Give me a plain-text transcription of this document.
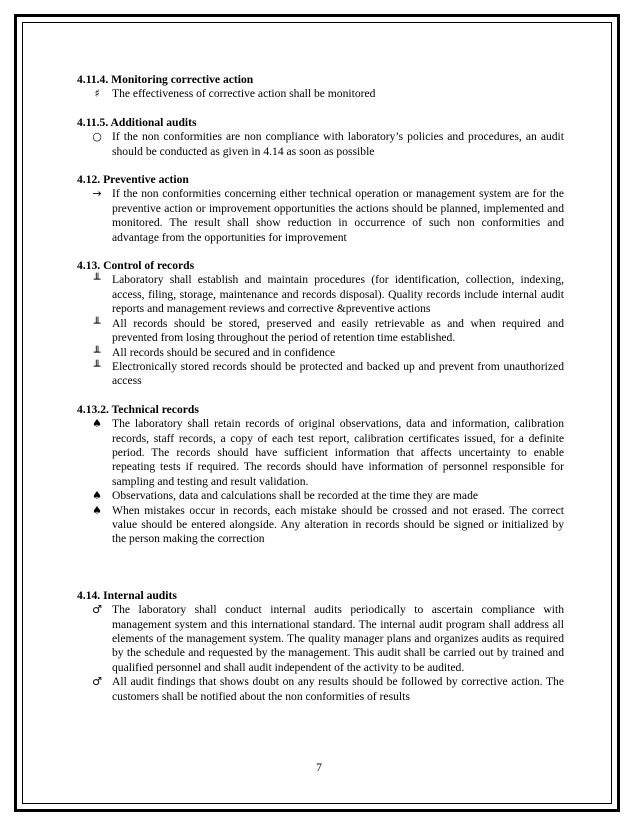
4.11.4. Monitoring corrective action

♯	The effectiveness of corrective action shall be monitored

4.11.5. Additional audits

○ If the non conformities are non compliance with laboratory’s policies and procedures, an audit should be conducted as given in 4.14 as soon as possible

4.12. Preventive action

→ If the non conformities concerning either technical operation or management system are for the preventive action or improvement opportunities the actions should be planned, implemented and monitored. The result shall show reduction in occurrence of such non conformities and advantage from the opportunities for improvement

4.13. Control of records

╨	Laboratory shall establish and maintain procedures (for identification, collection, indexing, access, filing, storage, maintenance and records disposal). Quality records include internal audit reports and management reviews and corrective &preventive actions
╨	All records should be stored, preserved and easily retrievable as and when required and prevented from losing throughout the period of retention time established.
╨	All records should be secured and in confidence
╨	Electronically stored records should be protected and backed up and prevent from unauthorized access

4.13.2. Technical records

♠ The laboratory shall retain records of original observations, data and information, calibration records, staff records, a copy of each test report, calibration certificates issued, for a definite period. The records should have sufficient information that affects uncertainty to enable repeating tests if required. The records should have information of personnel responsible for sampling and testing and result validation.
♠ Observations, data and calculations shall be recorded at the time they are made
♠ When mistakes occur in records, each mistake should be crossed and not erased. The correct value should be entered alongside. Any alteration in records should be signed or initialized by the person making the correction

4.14. Internal audits

♂ The laboratory shall conduct internal audits periodically to ascertain compliance with management system and this international standard. The internal audit program shall address all elements of the management system. The quality manager plans and organizes audits as required by the schedule and requested by the management. This audit shall be carried out by trained and qualified personnel and shall audit independent of the activity to be audited.
♂ All audit findings that shows doubt on any results should be followed by corrective action. The customers shall be notified about the non conformities of results
7
